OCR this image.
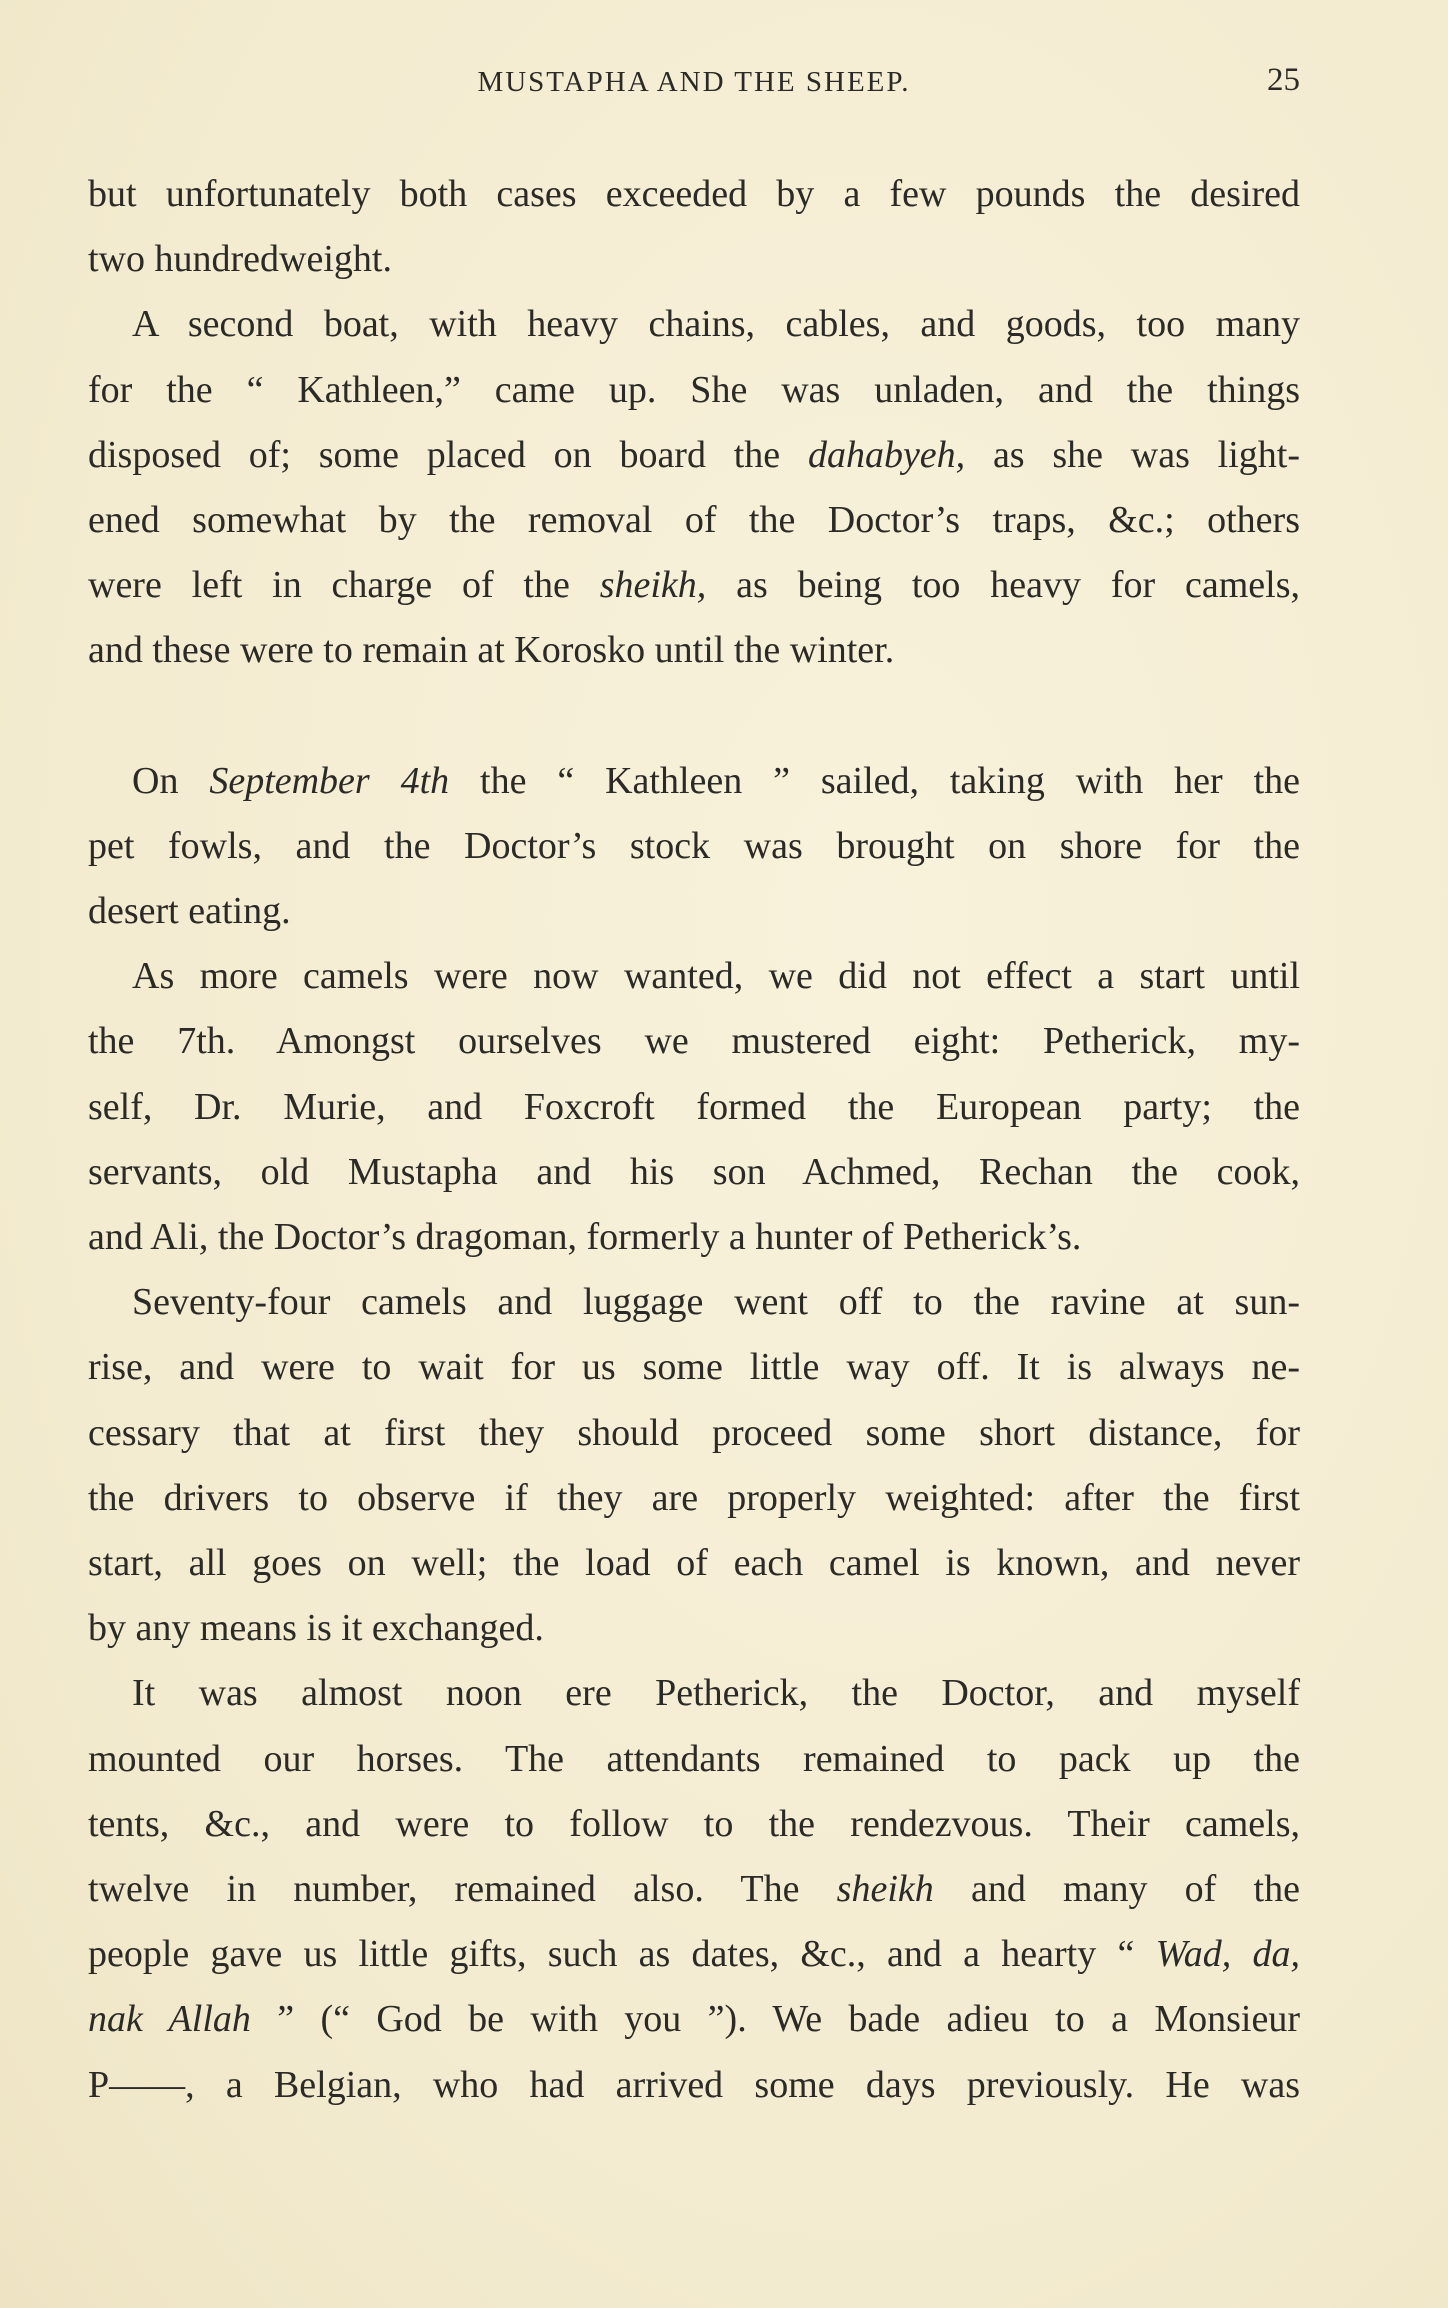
MUSTAPHA AND THE SHEEP.	25
but unfortunately both cases exceeded by a few pounds the desired
two hundredweight.
A second boat, with heavy chains, cables, and goods, too many
for the “ Kathleen,” came up. She was unladen, and the things
disposed of; some placed on board the dahabyeh, as she was light-
ened somewhat by the removal of the Doctor’s traps, &c.; others
were left in charge of the sheikh, as being too heavy for camels,
and these were to remain at Korosko until the winter.
On September 4th the “ Kathleen ” sailed, taking with her the
pet fowls, and the Doctor’s stock was brought on shore for the
desert eating.
As more camels were now wanted, we did not effect a start until
the 7th. Amongst ourselves we mustered eight: Petherick, my-
self, Dr. Murie, and Foxcroft formed the European party; the
servants, old Mustapha and his son Achmed, Rechan the cook,
and Ali, the Doctor’s dragoman, formerly a hunter of Petherick’s.
Seventy-four camels and luggage went off to the ravine at sun-
rise, and were to wait for us some little way off. It is always ne-
cessary that at first they should proceed some short distance, for
the drivers to observe if they are properly weighted: after the first
start, all goes on well; the load of each camel is known, and never
by any means is it exchanged.
It was almost noon ere Petherick, the Doctor, and myself
mounted our horses. The attendants remained to pack up the
tents, &c., and were to follow to the rendezvous. Their camels,
twelve in number, remained also. The sheikh and many of the
people gave us little gifts, such as dates, &c., and a hearty “ Wad, da,
nak Allah ” (“ God be with you ”). We bade adieu to a Monsieur
P——, a Belgian, who had arrived some days previously. He was
